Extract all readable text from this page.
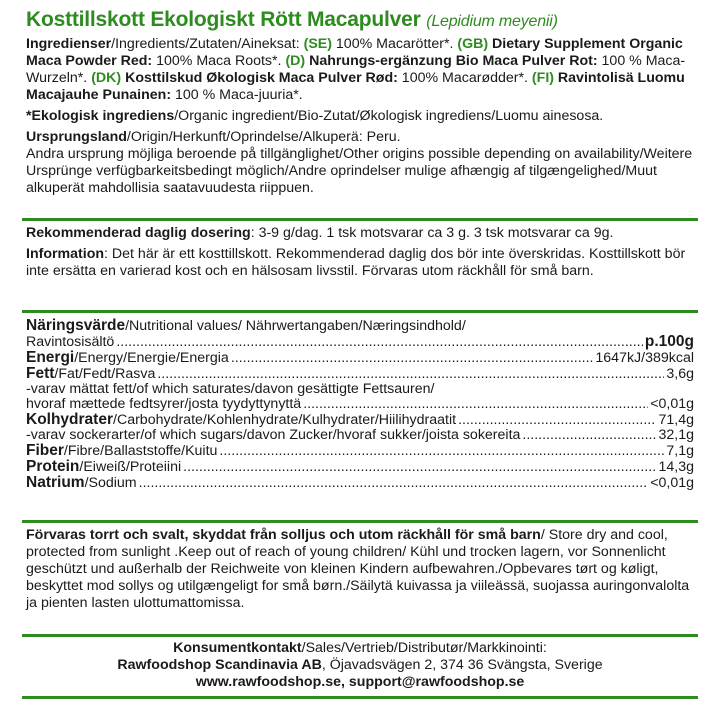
Kosttillskott Ekologiskt Rött Macapulver (Lepidium meyenii)

Ingredienser/Ingredients/Zutaten/Aineksat: (SE) 100% Macarötter*. (GB) Dietary Supplement Organic Maca Powder Red: 100% Maca Roots*. (D) Nahrungs-ergänzung Bio Maca Pulver Rot: 100 % Maca-Wurzeln*. (DK) Kosttilskud Økologisk Maca Pulver Rød: 100% Macarødder*. (FI) Ravintolisä Luomu Macajauhe Punainen: 100 % Maca-juuria*.

*Ekologisk ingrediens/Organic ingredient/Bio-Zutat/Økologisk ingrediens/Luomu ainesosa.

Ursprungsland/Origin/Herkunft/Oprindelse/Alkuperä: Peru.
Andra ursprung möjliga beroende på tillgänglighet/Other origins possible depending on availability/Weitere Ursprünge verfügbarkeitsbedingt möglich/Andre oprindelser mulige afhængig af tilgængelighed/Muut alkuperät mahdollisia saatavuudesta riippuen.

Rekommenderad daglig dosering: 3-9 g/dag. 1 tsk motsvarar ca 3 g. 3 tsk motsvarar ca 9g.

Information: Det här är ett kosttillskott. Rekommenderad daglig dos bör inte överskridas. Kosttillskott bör inte ersätta en varierad kost och en hälsosam livsstil. Förvaras utom räckhåll för små barn.

Näringsvärde/Nutritional values/ Nährwertangaben/Næringsindhold/
Ravintosisältö .....	p.100g
Energi/Energy/Energie/Energia .....	1647kJ/389kcal
Fett/Fat/Fedt/Rasva .....	3,6g
-varav mättat fett/of which saturates/davon gesättigte Fettsauren/
hvoraf mættede fedtsyrer/josta tyydyttynyttä .....	<0,01g
Kolhydrater/Carbohydrate/Kohlenhydrate/Kulhydrater/Hiilihydraatit .....	71,4g
-varav sockerarter/of which sugars/davon Zucker/hvoraf sukker/joista sokereita .....	32,1g
Fiber/Fibre/Ballaststoffe/Kuitu .....	7,1g
Protein/Eiweiß/Proteiini .....	14,3g
Natrium/Sodium .....	<0,01g

Förvaras torrt och svalt, skyddat från solljus och utom räckhåll för små barn/ Store dry and cool, protected from sunlight .Keep out of reach of young children/ Kühl und trocken lagern, vor Sonnenlicht geschützt und außerhalb der Reichweite von kleinen Kindern aufbewahren./Opbevares tørt og køligt, beskyttet mod sollys og utilgængeligt for små børn./Säilytä kuivassa ja viileässä, suojassa auringonvalolta ja pienten lasten ulottumattomissa.

Konsumentkontakt/Sales/Vertrieb/Distributør/Markkinointi:
Rawfoodshop Scandinavia AB, Öjavadsvägen 2, 374 36 Svängsta, Sverige
www.rawfoodshop.se, support@rawfoodshop.se
